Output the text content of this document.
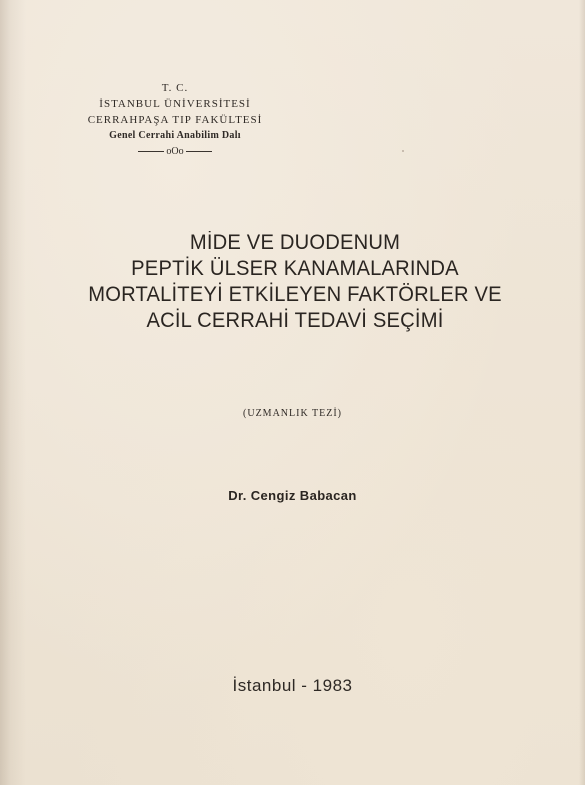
T. C.
İSTANBUL ÜNİVERSİTESİ
CERRAHPAŞA TIP FAKÜLTESİ
Genel Cerrahi Anabilim Dalı
oOo
MİDE VE DUODENUM
PEPTİK ÜLSER KANAMALARINDA
MORTALİTEYİ ETKİLEYEN FAKTÖRLER VE
ACİL CERRAHİ TEDAVİ SEÇİMİ
(UZMANLIK TEZİ)
Dr. Cengiz Babacan
İstanbul - 1983
